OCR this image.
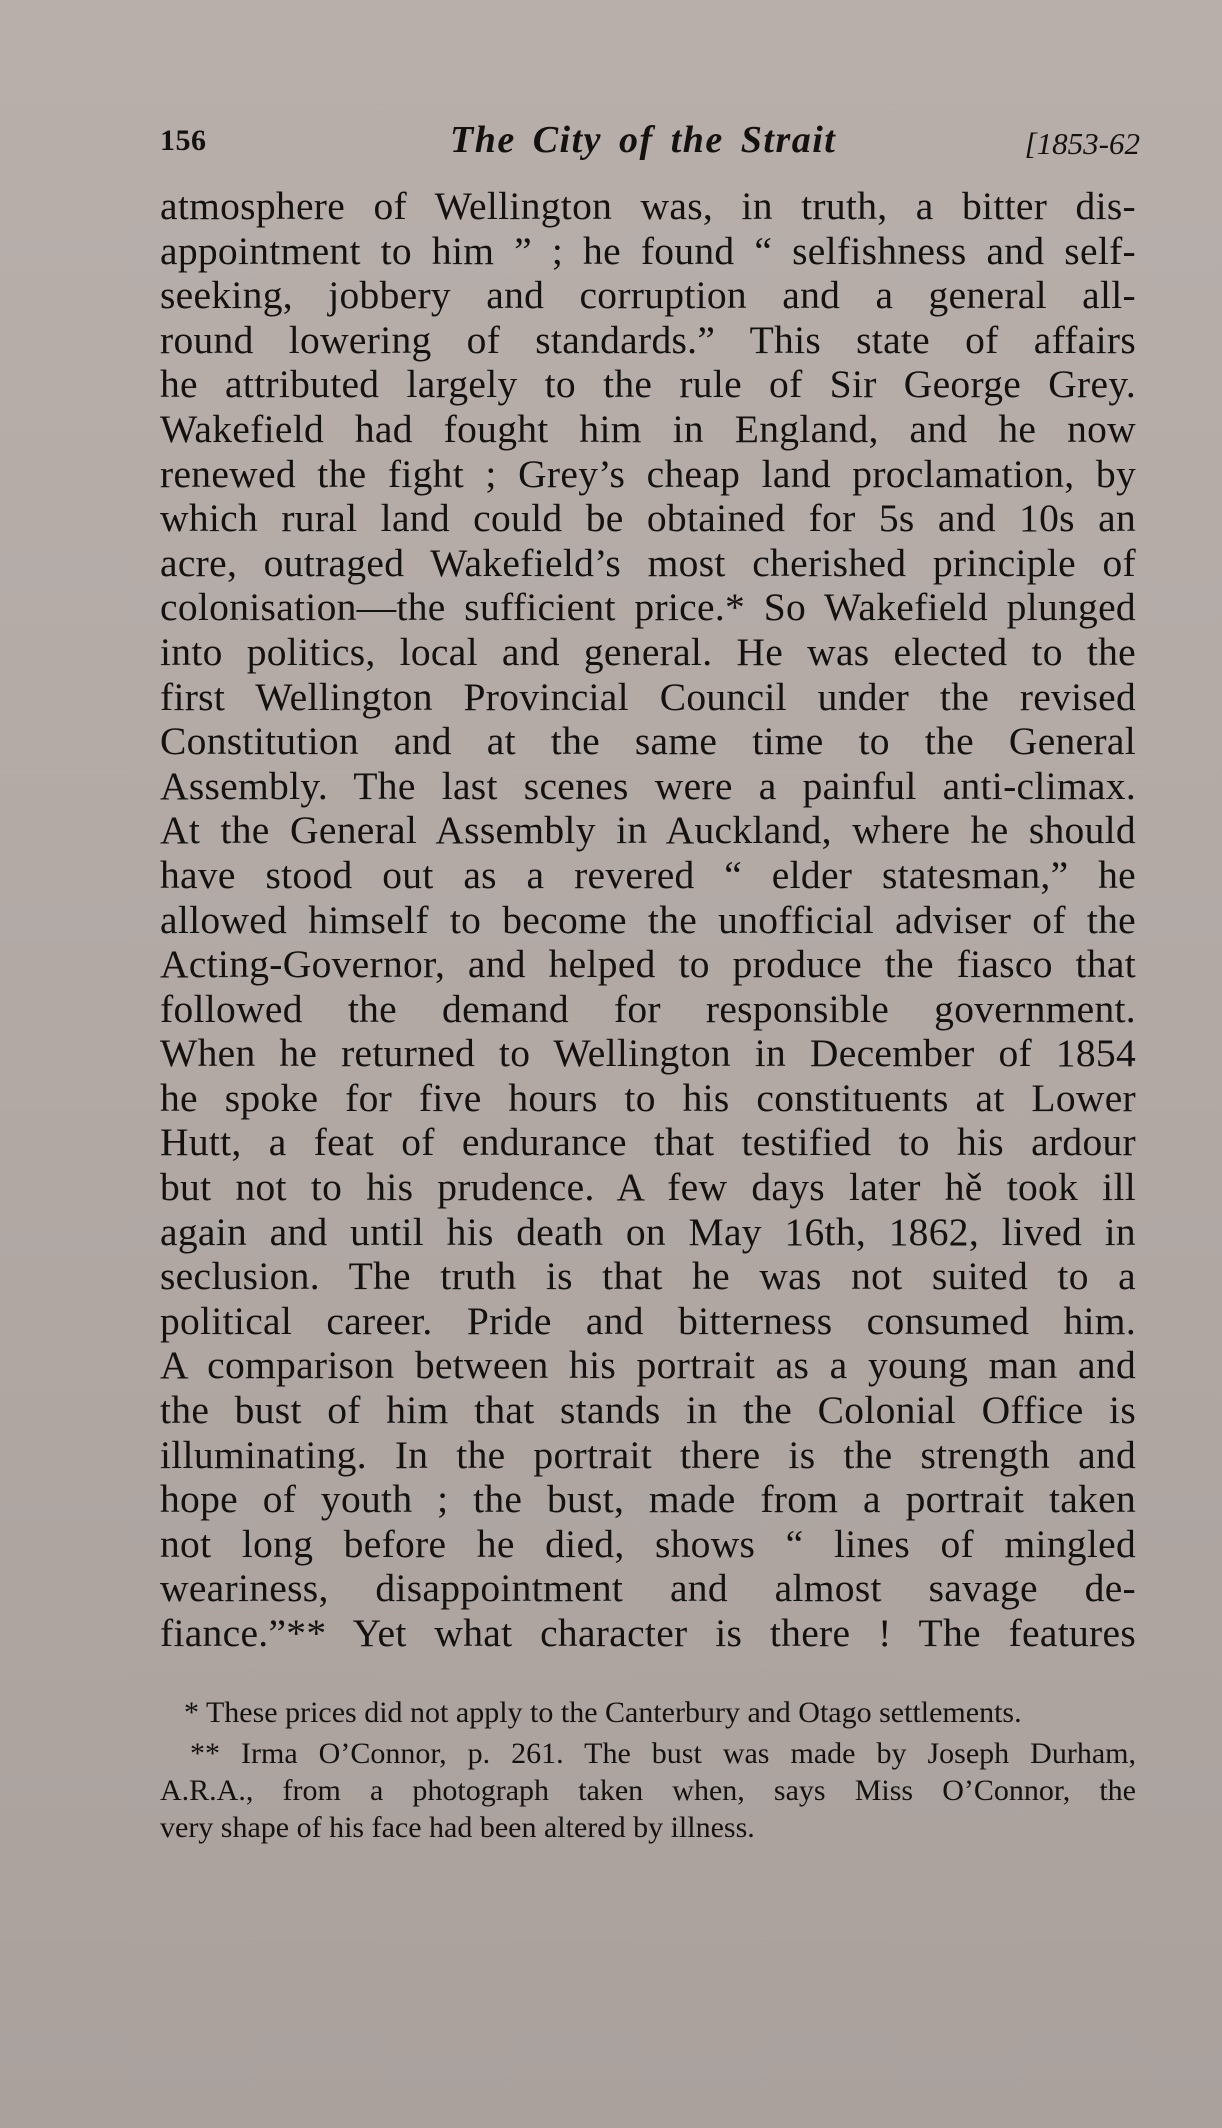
156	The City of the Strait	[1853-62
atmosphere of Wellington was, in truth, a bitter dis-
appointment to him ” ; he found “ selfishness and self-
seeking, jobbery and corruption and a general all-
round lowering of standards.” This state of affairs
he attributed largely to the rule of Sir George Grey.
Wakefield had fought him in England, and he now
renewed the fight ; Grey’s cheap land proclamation, by
which rural land could be obtained for 5s and 10s an
acre, outraged Wakefield’s most cherished principle of
colonisation—the sufficient price.* So Wakefield plunged
into politics, local and general. He was elected to the
first Wellington Provincial Council under the revised
Constitution and at the same time to the General
Assembly. The last scenes were a painful anti-climax.
At the General Assembly in Auckland, where he should
have stood out as a revered “ elder statesman,” he
allowed himself to become the unofficial adviser of the
Acting-Governor, and helped to produce the fiasco that
followed the demand for responsible government.
When he returned to Wellington in December of 1854
he spoke for five hours to his constituents at Lower
Hutt, a feat of endurance that testified to his ardour
but not to his prudence. A few days later hě took ill
again and until his death on May 16th, 1862, lived in
seclusion. The truth is that he was not suited to a
political career. Pride and bitterness consumed him.
A comparison between his portrait as a young man and
the bust of him that stands in the Colonial Office is
illuminating. In the portrait there is the strength and
hope of youth ; the bust, made from a portrait taken
not long before he died, shows “ lines of mingled
weariness, disappointment and almost savage de-
fiance.”** Yet what character is there ! The features
* These prices did not apply to the Canterbury and Otago settlements.
** Irma O’Connor, p. 261. The bust was made by Joseph Durham,
A.R.A., from a photograph taken when, says Miss O’Connor, the
very shape of his face had been altered by illness.
